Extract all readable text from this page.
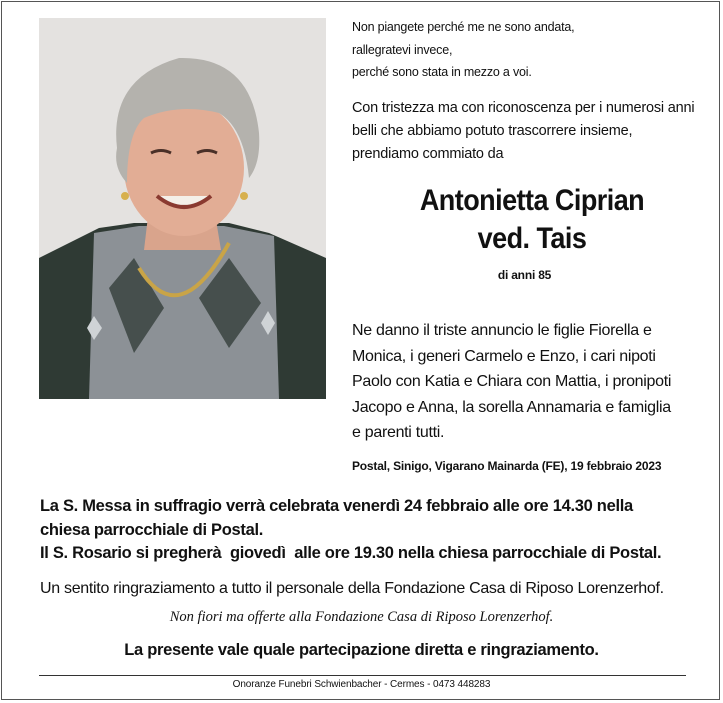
Non piangete perché me ne sono andata,
rallegratevi invece,
perché sono stata in mezzo a voi.
Con tristezza ma con riconoscenza per i numerosi anni
belli che abbiamo potuto trascorrere insieme,
prendiamo commiato da
Antonietta Ciprian
ved. Tais
di anni 85
Ne danno il triste annuncio le figlie Fiorella e
Monica, i generi Carmelo e Enzo, i cari nipoti
Paolo con Katia e Chiara con Mattia, i pronipoti
Jacopo e Anna, la sorella Annamaria e famiglia
e parenti tutti.
Postal, Sinigo, Vigarano Mainarda (FE), 19 febbraio 2023
La S. Messa in suffragio verrà celebrata venerdì 24 febbraio alle ore 14.30 nella
chiesa parrocchiale di Postal.
Il S. Rosario si pregherà  giovedì  alle ore 19.30 nella chiesa parrocchiale di Postal.
Un sentito ringraziamento a tutto il personale della Fondazione Casa di Riposo Lorenzerhof.
Non fiori ma offerte alla Fondazione Casa di Riposo Lorenzerhof.
La presente vale quale partecipazione diretta e ringraziamento.
Onoranze Funebri Schwienbacher - Cermes - 0473 448283
